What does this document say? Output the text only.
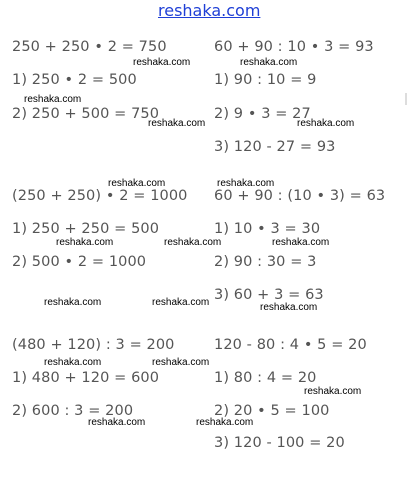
reshaka.com
250 + 250 • 2 = 750
1) 250 • 2 = 500
2) 250 + 500 = 750
60 + 90 : 10 • 3 = 93
1) 90 : 10 = 9
2) 9 • 3 = 27
3) 120 - 27 = 93
(250 + 250) • 2 = 1000
1) 250 + 250 = 500
2) 500 • 2 = 1000
60 + 90 : (10 • 3) = 63
1) 10 • 3 = 30
2) 90 : 30 = 3
3) 60 + 3 = 63
(480 + 120) : 3 = 200
1) 480 + 120 = 600
2) 600 : 3 = 200
120 - 80 : 4 • 5 = 20
1) 80 : 4 = 20
2) 20 • 5 = 100
3) 120 - 100 = 20
reshaka.com	reshaka.com
reshaka.com
reshaka.com	reshaka.com
reshaka.com	reshaka.com
reshaka.com	reshaka.com	reshaka.com
reshaka.com	reshaka.com	reshaka.com
reshaka.com	reshaka.com
reshaka.com
reshaka.com	reshaka.com
